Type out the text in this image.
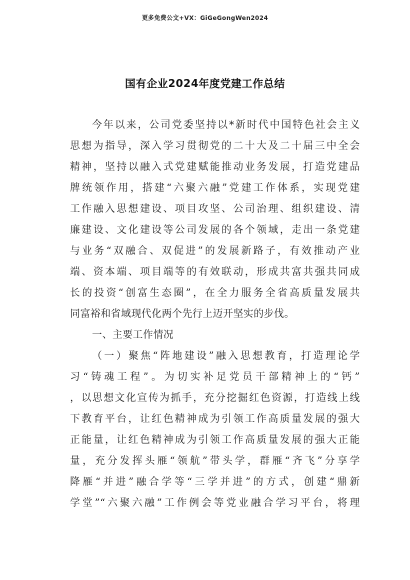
更多免费公文+VX：GiGeGongWen2024
国有企业2024年度党建工作总结
今年以来，公司党委坚持以*新时代中国特色社会主义
思想为指导，深入学习贯彻党的二十大及二十届三中全会
精神，坚持以融入式党建赋能推动业务发展，打造党建品
牌统领作用，搭建“六聚六融”党建工作体系，实现党建
工作融入思想建设、项目攻坚、公司治理、组织建设、清
廉建设、文化建设等公司发展的各个领域，走出一条党建
与业务“双融合、双促进”的发展新路子，有效推动产业
端、资本端、项目端等的有效联动，形成共富共强共同成
长的投资“创富生态圈”，在全力服务全省高质量发展共
同富裕和省域现代化两个先行上迈开坚实的步伐。
一、主要工作情况
（一）聚焦“阵地建设”融入思想教育，打造理论学
习“铸魂工程”。为切实补足党员干部精神上的“钙”
，以思想文化宣传为抓手，充分挖掘红色资源，打造线上线
下教育平台，让红色精神成为引领工作高质量发展的强大
正能量，让红色精神成为引领工作高质量发展的强大正能
量，充分发挥头雁“领航”带头学，群雁“齐飞”分享学
降雁“并进”融合学等“三学并进”的方式，创建“鼎新
学堂”“六聚六融”工作例会等党业融合学习平台，将理
